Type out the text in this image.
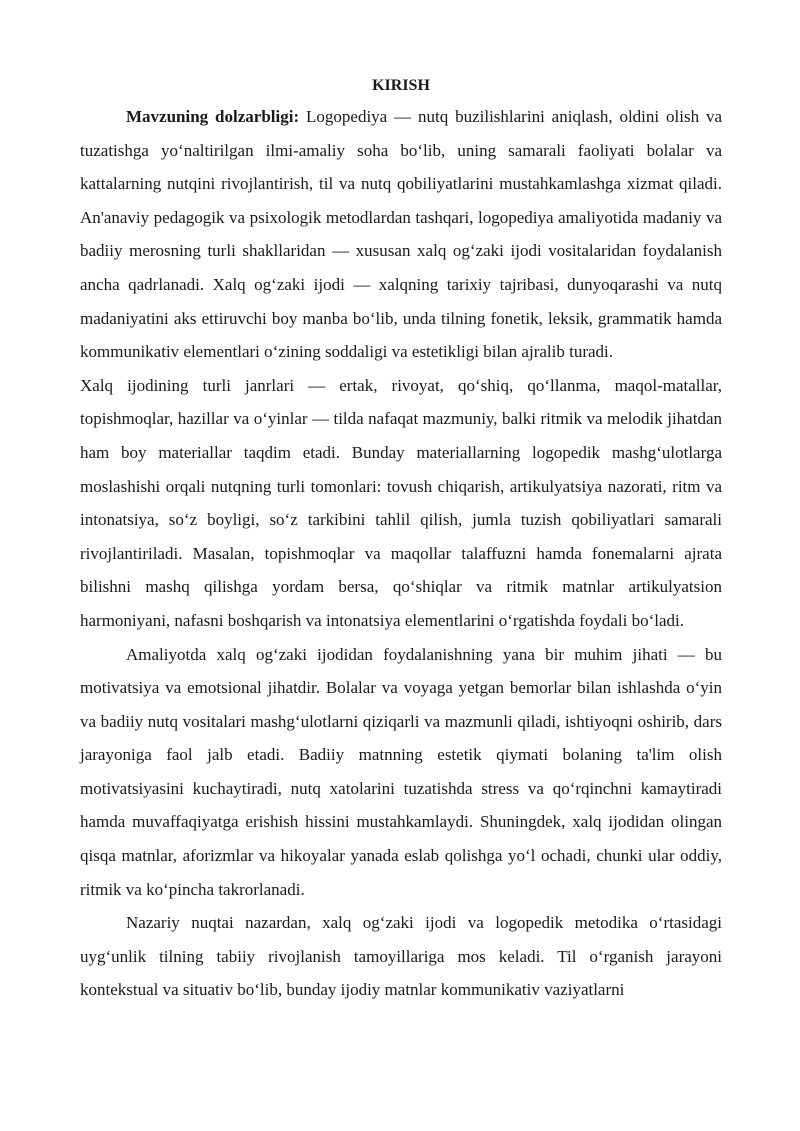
KIRISH

Mavzuning dolzarbligi: Logopediya — nutq buzilishlarini aniqlash, oldini olish va tuzatishga yo‘naltirilgan ilmi-amaliy soha bo‘lib, uning samarali faoliyati bolalar va kattalarning nutqini rivojlantirish, til va nutq qobiliyatlarini mustahkamlashga xizmat qiladi. An'anaviy pedagogik va psixologik metodlardan tashqari, logopediya amaliyotida madaniy va badiiy merosning turli shakllaridan — xususan xalq og‘zaki ijodi vositalaridan foydalanish ancha qadrlanadi. Xalq og‘zaki ijodi — xalqning tarixiy tajribasi, dunyoqarashi va nutq madaniyatini aks ettiruvchi boy manba bo‘lib, unda tilning fonetik, leksik, grammatik hamda kommunikativ elementlari o‘zining soddaligi va estetikligi bilan ajralib turadi.

Xalq ijodining turli janrlari — ertak, rivoyat, qo‘shiq, qo‘llanma, maqol-matallar, topishmoqlar, hazillar va o‘yinlar — tilda nafaqat mazmuniy, balki ritmik va melodik jihatdan ham boy materiallar taqdim etadi. Bunday materiallarning logopedik mashg‘ulotlarga moslashishi orqali nutqning turli tomonlari: tovush chiqarish, artikulyatsiya nazorati, ritm va intonatsiya, so‘z boyligi, so‘z tarkibini tahlil qilish, jumla tuzish qobiliyatlari samarali rivojlantiriladi. Masalan, topishmoqlar va maqollar talaffuzni hamda fonemalarni ajrata bilishni mashq qilishga yordam bersa, qo‘shiqlar va ritmik matnlar artikulyatsion harmoniyani, nafasni boshqarish va intonatsiya elementlarini o‘rgatishda foydali bo‘ladi.

Amaliyotda xalq og‘zaki ijodidan foydalanishning yana bir muhim jihati — bu motivatsiya va emotsional jihatdir. Bolalar va voyaga yetgan bemorlar bilan ishlashda o‘yin va badiiy nutq vositalari mashg‘ulotlarni qiziqarli va mazmunli qiladi, ishtiyoqni oshirib, dars jarayoniga faol jalb etadi. Badiiy matnning estetik qiymati bolaning ta'lim olish motivatsiyasini kuchaytiradi, nutq xatolarini tuzatishda stress va qo‘rqinchni kamaytiradi hamda muvaffaqiyatga erishish hissini mustahkamlaydi. Shuningdek, xalq ijodidan olingan qisqa matnlar, aforizmlar va hikoyalar yanada eslab qolishga yo‘l ochadi, chunki ular oddiy, ritmik va ko‘pincha takrorlanadi.

Nazariy nuqtai nazardan, xalq og‘zaki ijodi va logopedik metodika o‘rtasidagi uyg‘unlik tilning tabiiy rivojlanish tamoyillariga mos keladi. Til o‘rganish jarayoni kontekstual va situativ bo‘lib, bunday ijodiy matnlar kommunikativ vaziyatlarni
